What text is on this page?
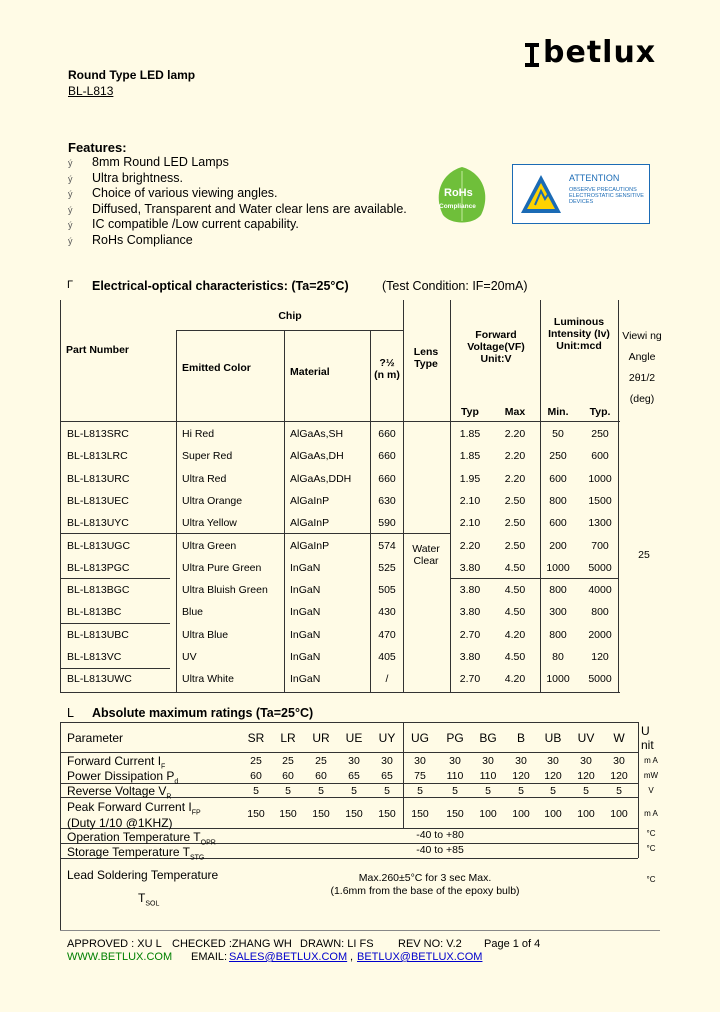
betlux
Round Type LED lamp
BL-L813
Features:
ý 8mm Round LED Lamps
ý Ultra brightness.
ý Choice of various viewing angles.
ý Diffused, Transparent and Water clear lens are available.
ý IC compatible /Low current capability.
ý RoHs Compliance
RoHs
Compliance
ATTENTION
OBSERVE PRECAUTIONS ELECTROSTATIC SENSITIVE DEVICES
Γ Electrical-optical characteristics: (Ta=25°C)	(Test Condition: IF=20mA)
Part Number
Chip
Emitted Color	Material
?½ (n m)
Lens Type
Forward Voltage(VF) Unit:V
Luminous Intensity (Iv) Unit:mcd
Viewi ng Angle 2θ1/2 (deg)
Typ	Max	Min.	Typ.
BL-L813SRC	Hi Red	AlGaAs,SH	660	1.85	2.20	50	250
BL-L813LRC	Super Red	AlGaAs,DH	660	1.85	2.20	250	600
BL-L813URC	Ultra Red	AlGaAs,DDH	660	1.95	2.20	600	1000
BL-L813UEC	Ultra Orange	AlGaInP	630	2.10	2.50	800	1500
BL-L813UYC	Ultra Yellow	AlGaInP	590	2.10	2.50	600	1300
BL-L813UGC	Ultra Green	AlGaInP	574	2.20	2.50	200	700
BL-L813PGC	Ultra Pure Green	InGaN	525	3.80	4.50	1000	5000
BL-L813BGC	Ultra Bluish Green	InGaN	505	3.80	4.50	800	4000
BL-L813BC	Blue	InGaN	430	3.80	4.50	300	800
BL-L813UBC	Ultra Blue	InGaN	470	2.70	4.20	800	2000
BL-L813VC	UV	InGaN	405	3.80	4.50	80	120
BL-L813UWC	Ultra White	InGaN	/	2.70	4.20	1000	5000
Water
Clear	25
L Absolute maximum ratings (Ta=25°C)
Parameter	U nit
SR	LR	UR	UE	UY	UG	PG	BG	B	UB	UV	W
Forward Current $I_F$	25	25	25	30	30	30	30	30	30	30	30	30	m A
Power Dissipation $P_d$	60	60	60	65	65	75	110	110	120	120	120	120	mW
Reverse Voltage $V_R$	5	5	5	5	5	5	5	5	5	5	5	5	V
Peak Forward Current $I_{FP}$
(Duty 1/10 @1KHZ)
150	150	150	150	150	150	150	100	100	100	100	100	m A
Operation Temperature $T_{OPR}$
-40 to +80	°C
Storage Temperature $T_{STG}$
-40 to +85	°C
Lead Soldering Temperature
$T_{SOL}$
Max.260±5°C for 3 sec Max.
(1.6mm from the base of the epoxy bulb)
°C
APPROVED : XU L CHECKED :ZHANG WH DRAWN: LI FS REV NO: V.2 Page 1 of 4
WWW.BETLUX.COM EMAIL: SALES@BETLUX.COM , BETLUX@BETLUX.COM
